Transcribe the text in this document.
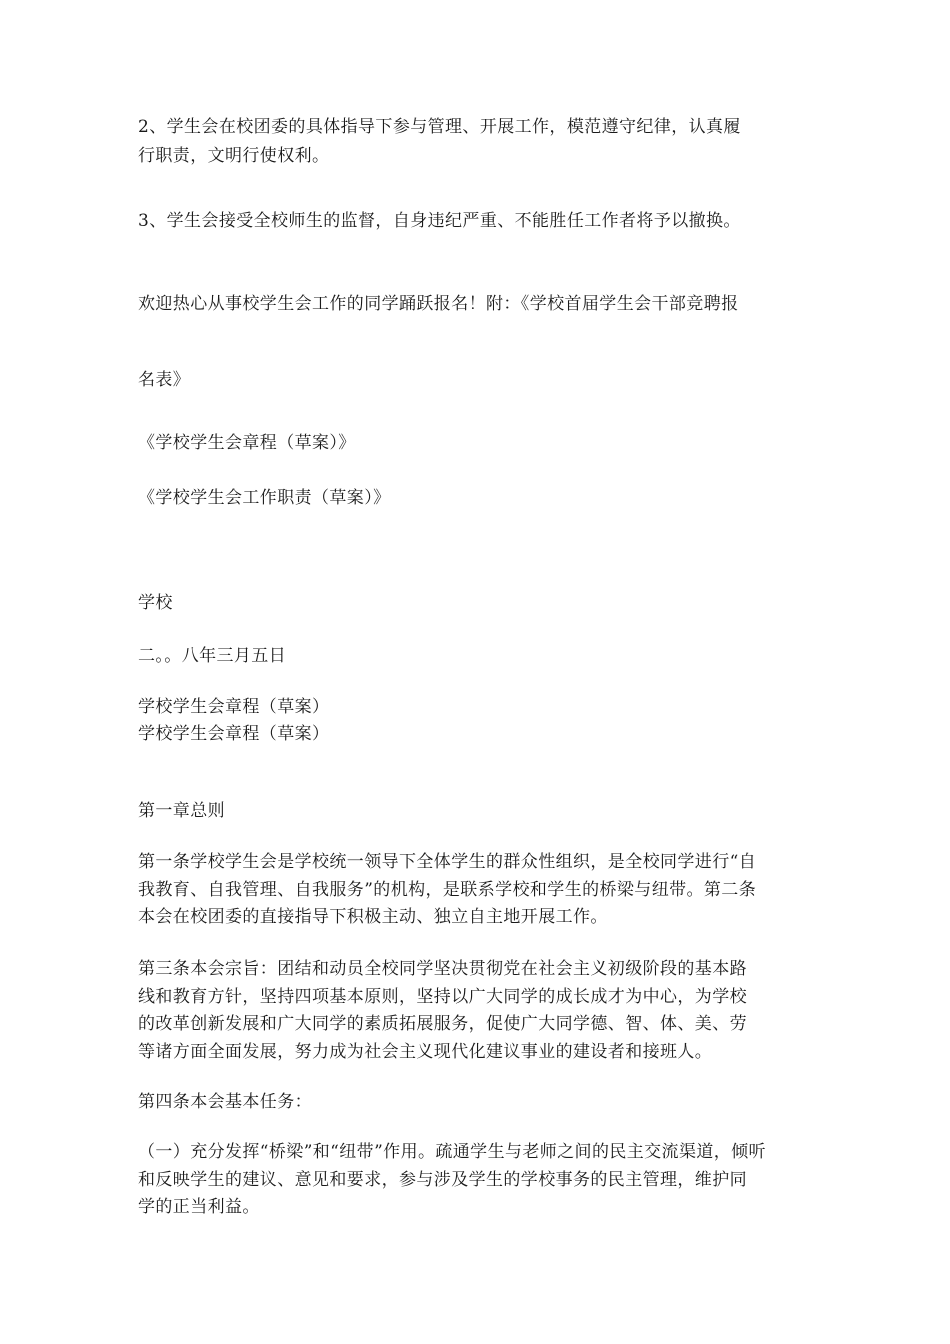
2、学生会在校团委的具体指导下参与管理、开展工作，模范遵守纪律，认真履
行职责，文明行使权利。
3、学生会接受全校师生的监督，自身违纪严重、不能胜任工作者将予以撤换。
欢迎热心从事校学生会工作的同学踊跃报名！附：《学校首届学生会干部竞聘报
名表》
《学校学生会章程（草案）》
《学校学生会工作职责（草案）》
学校
二。。八年三月五日
学校学生会章程（草案）
学校学生会章程（草案）
第一章总则
第一条学校学生会是学校统一领导下全体学生的群众性组织，是全校同学进行“自
我教育、自我管理、自我服务”的机构，是联系学校和学生的桥梁与纽带。第二条
本会在校团委的直接指导下积极主动、独立自主地开展工作。
第三条本会宗旨：团结和动员全校同学坚决贯彻党在社会主义初级阶段的基本路
线和教育方针，坚持四项基本原则，坚持以广大同学的成长成才为中心，为学校
的改革创新发展和广大同学的素质拓展服务，促使广大同学德、智、体、美、劳
等诸方面全面发展，努力成为社会主义现代化建议事业的建设者和接班人。
第四条本会基本任务：
（一）充分发挥“桥梁”和“纽带”作用。疏通学生与老师之间的民主交流渠道，倾听
和反映学生的建议、意见和要求，参与涉及学生的学校事务的民主管理，维护同
学的正当利益。
